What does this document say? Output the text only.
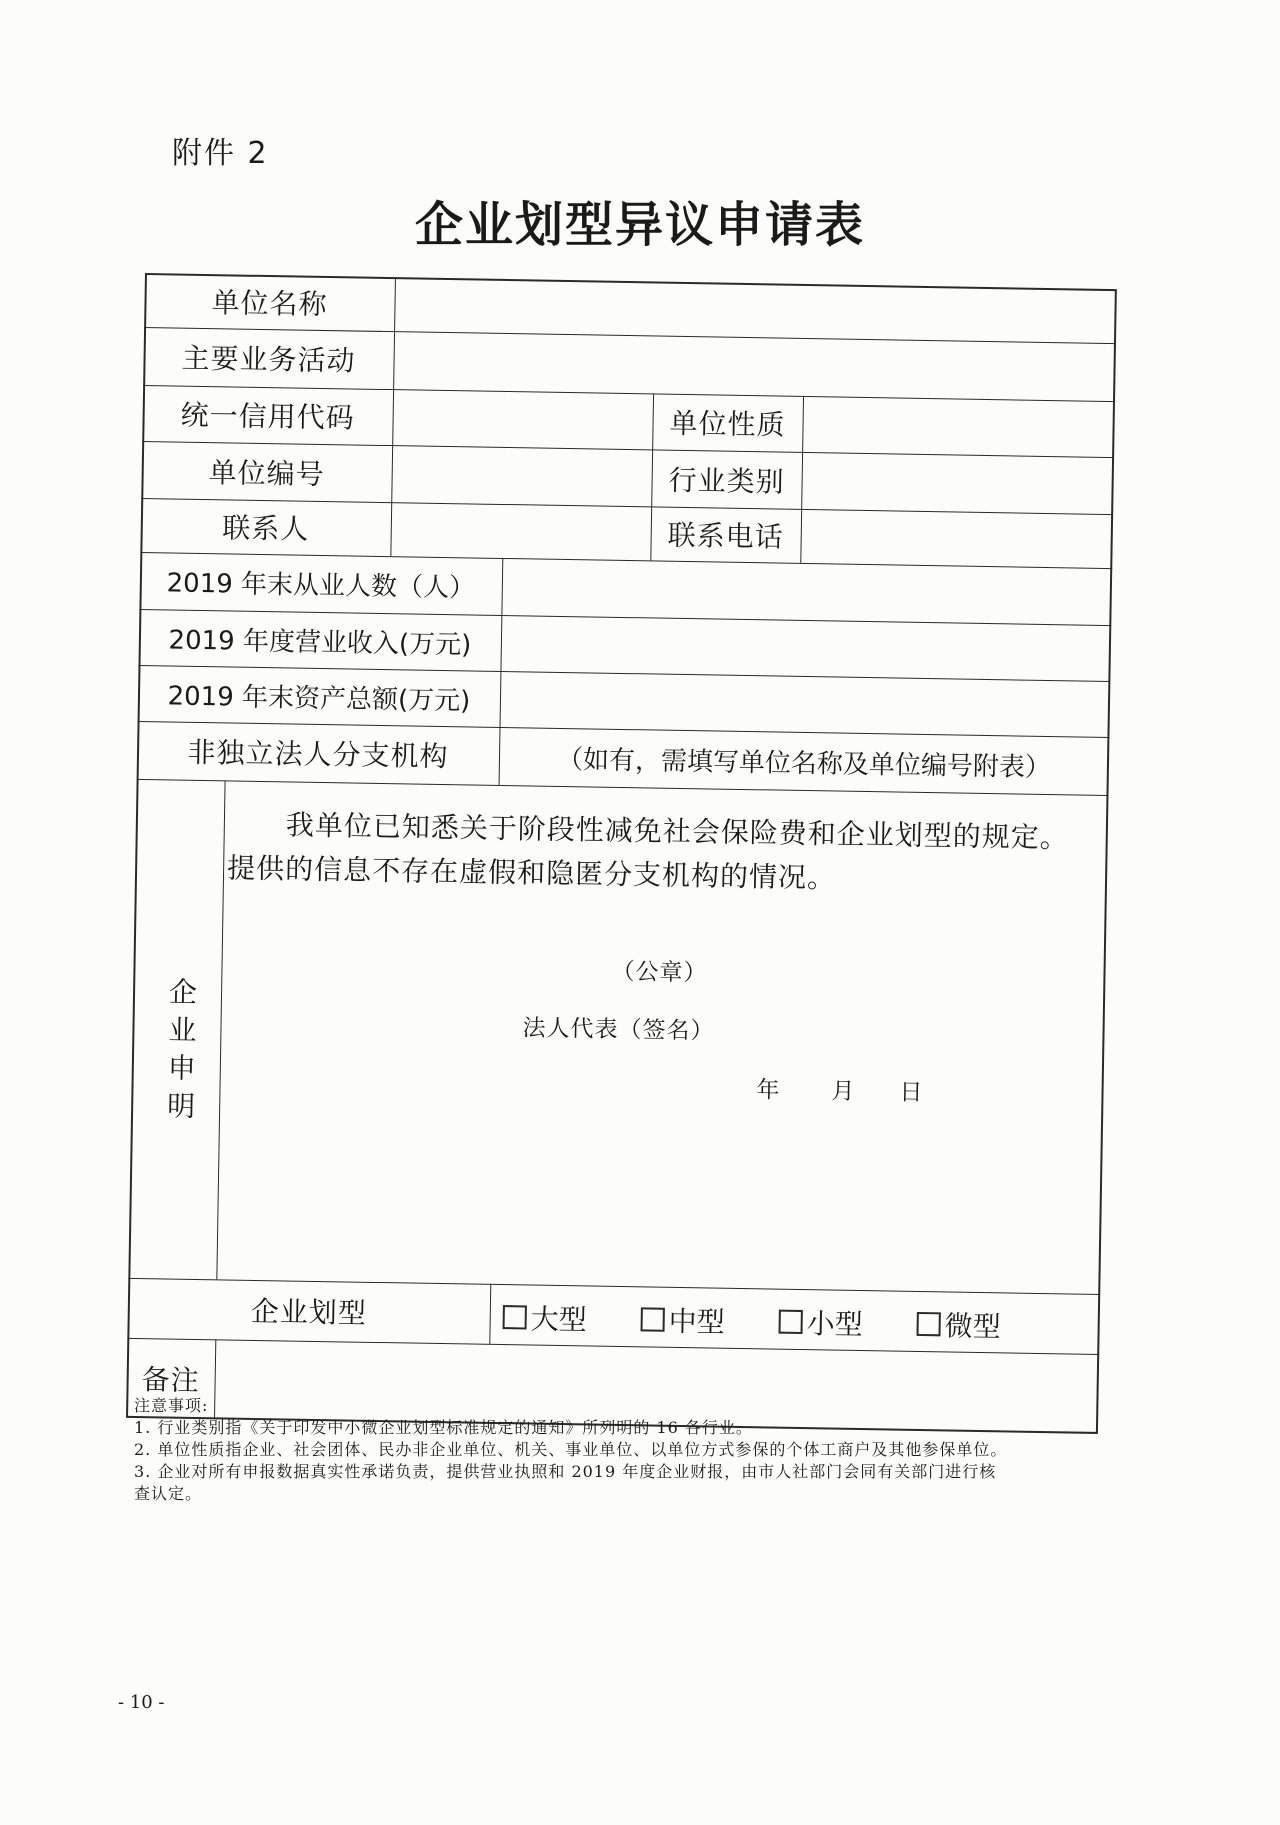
附件 2
企业划型异议申请表
单位名称
主要业务活动
统一信用代码	单位性质
单位编号	行业类别
联系人	联系电话
2019 年末从业人数（人）
2019 年度营业收入(万元)
2019 年末资产总额(万元)
非独立法人分支机构	（如有，需填写单位名称及单位编号附表）
企
业
申
明
我单位已知悉关于阶段性减免社会保险费和企业划型的规定。提供的信息不存在虚假和隐匿分支机构的情况。
（公章）
法人代表（签名）
年 月 日
企业划型	大型	中型	小型	微型
备注
注意事项:
1. 行业类别指《关于印发中小微企业划型标准规定的通知》所列明的 16 各行业。
2. 单位性质指企业、社会团体、民办非企业单位、机关、事业单位、以单位方式参保的个体工商户及其他参保单位。
3. 企业对所有申报数据真实性承诺负责，提供营业执照和 2019 年度企业财报，由市人社部门会同有关部门进行核
查认定。
- 10 -
